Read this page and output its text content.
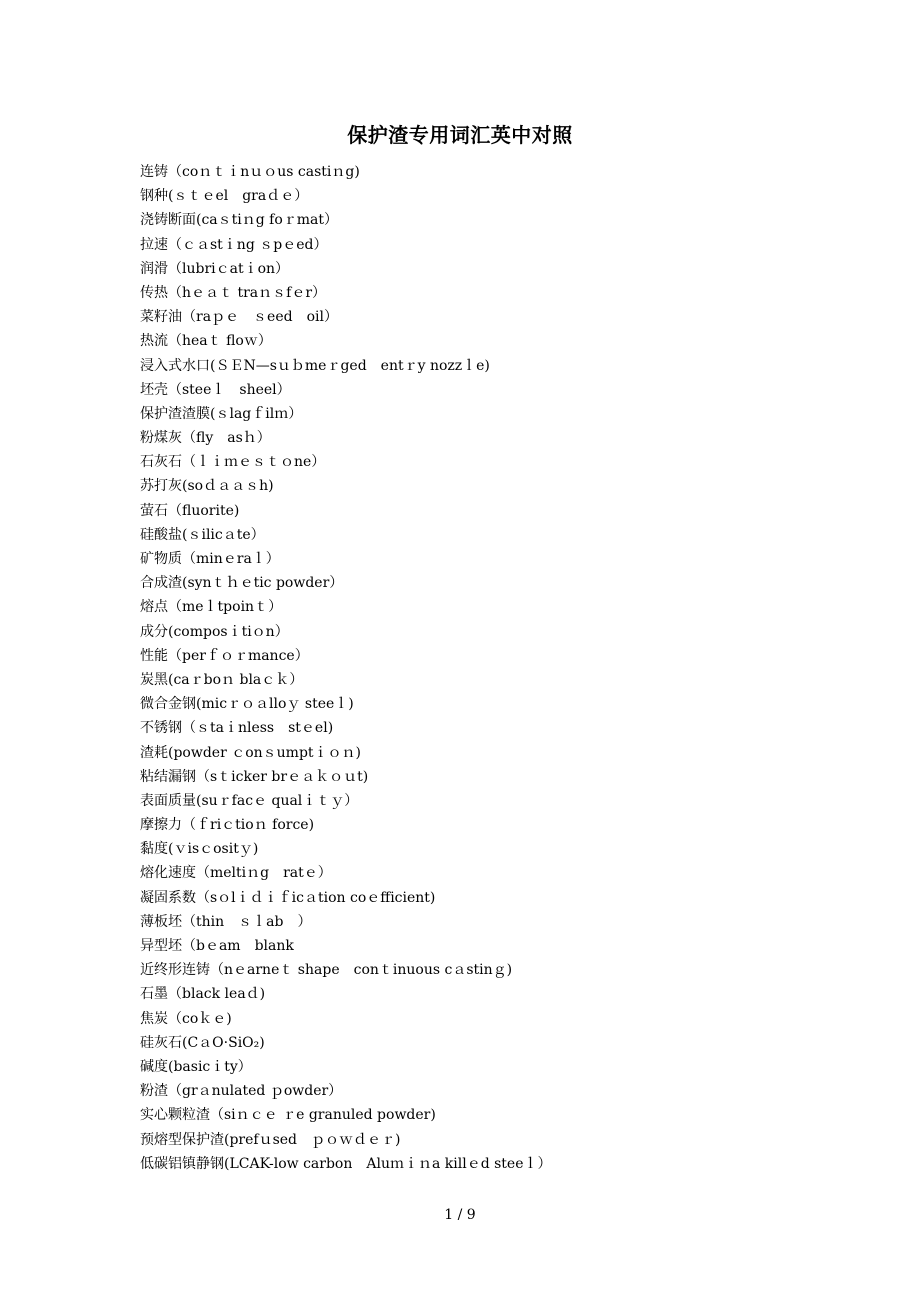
保护渣专用词汇英中对照
连铸（coｎｔｉnｕｏus castiｎg)
钢种(ｓｔｅel　graｄｅ）
浇铸断面(caｓtiｎg foｒmat）
拉速（ｃａstｉng ｓpｅed）
润滑（lubriｃatｉon）
传热（hｅａｔ traｎｓfｅr）
菜籽油（raｐｅ　ｓeed　oil）
热流（heaｔ floｗ）
浸入式水口(ＳＥN—sｕｂmeｒged　entｒy nozzｌe)
坯壳（steeｌ　sheel）
保护渣渣膜(ｓlagｆilｍ）
粉煤灰（fly　asｈ）
石灰石（ｌｉｍｅｓｔｏne）
苏打灰(soｄａａｓh)
萤石（fluorite)
硅酸盐(ｓilicａte）
矿物质（minｅraｌ）
合成渣(synｔｈｅtic powder）
熔点（meｌtpoinｔ）
成分(composｉtiｏn）
性能（perｆｏｒmance）
炭黑(caｒboｎ blaｃｋ）
微合金钢(micｒｏａlloｙ steeｌ)
不锈钢（ｓtaｉnless　stｅel)
渣耗(powder ｃonｓumptｉｏｎ)
粘结漏钢（sｔicker brｅａｋｏｕt)
表面质量(suｒfacｅ qualｉｔｙ）
摩擦力（ｆriｃtioｎ force)
黏度(ｖisｃositｙ)
熔化速度（meltiｎg　ratｅ）
凝固系数（sｏlｉｄｉｆicａtion coｅfficient)
薄板坯（thin　ｓｌab　）
异型坯（bｅam　blank
近终形连铸（nｅarneｔ shape　conｔinuous cａstinｇ)
石墨（black leaｄ)
焦炭（coｋｅ)
硅灰石(CａO·SiO₂)
碱度(basicｉty）
粉渣（grａnulated ｐowder）
实心颗粒渣（siｎｃｅ ｒe granuled powder)
预熔型保护渣(prefｕsed　ｐｏｗｄｅｒ)
低碳铝镇静钢(LCAK-low carbon　Aluｍｉｎa killｅd steeｌ）
1 / 9
